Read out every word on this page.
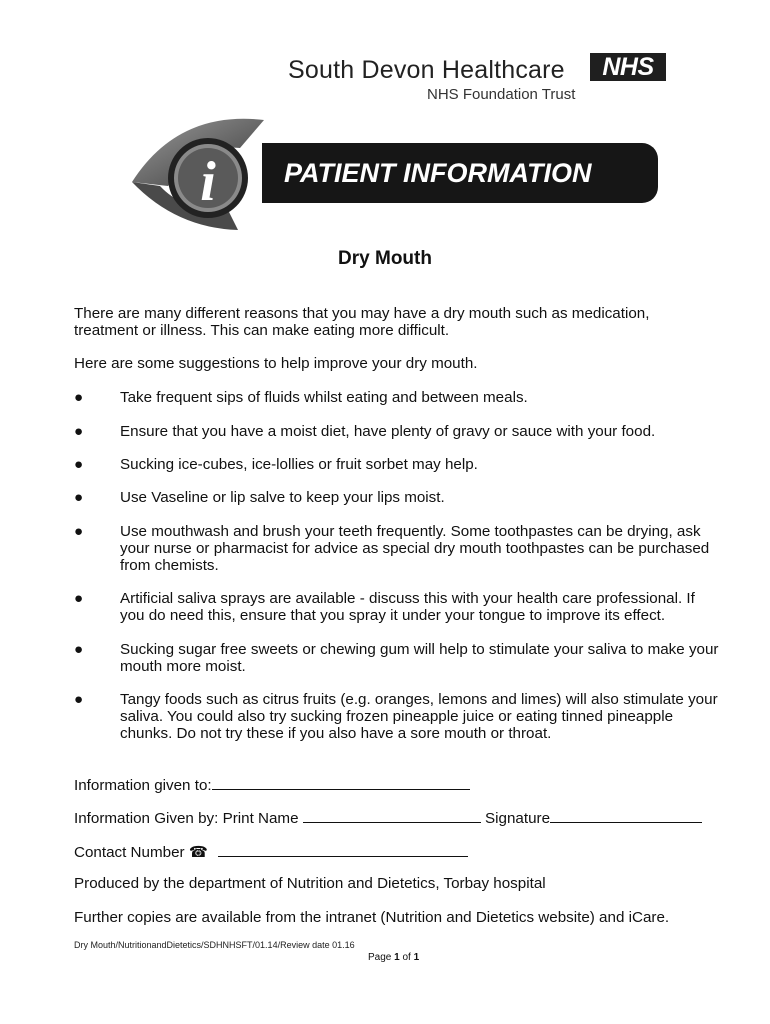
South Devon Healthcare	NHS
NHS Foundation Trust
i	PATIENT INFORMATION
Dry Mouth
There are many different reasons that you may have a dry mouth such as medication, treatment or illness. This can make eating more difficult.
Here are some suggestions to help improve your dry mouth.
● Take frequent sips of fluids whilst eating and between meals.
● Ensure that you have a moist diet, have plenty of gravy or sauce with your food.
● Sucking ice-cubes, ice-lollies or fruit sorbet may help.
● Use Vaseline or lip salve to keep your lips moist.
● Use mouthwash and brush your teeth frequently. Some toothpastes can be drying, ask your nurse or pharmacist for advice as special dry mouth toothpastes can be purchased from chemists.
● Artificial saliva sprays are available - discuss this with your health care professional. If you do need this, ensure that you spray it under your tongue to improve its effect.
● Sucking sugar free sweets or chewing gum will help to stimulate your saliva to make your mouth more moist.
● Tangy foods such as citrus fruits (e.g. oranges, lemons and limes) will also stimulate your saliva. You could also try sucking frozen pineapple juice or eating tinned pineapple chunks. Do not try these if you also have a sore mouth or throat.
Information given to:
Information Given by: Print Name	Signature
Contact Number ☎
Produced by the department of Nutrition and Dietetics, Torbay hospital
Further copies are available from the intranet (Nutrition and Dietetics website) and iCare.
Dry Mouth/NutritionandDietetics/SDHNHSFT/01.14/Review date 01.16
Page 1 of 1
